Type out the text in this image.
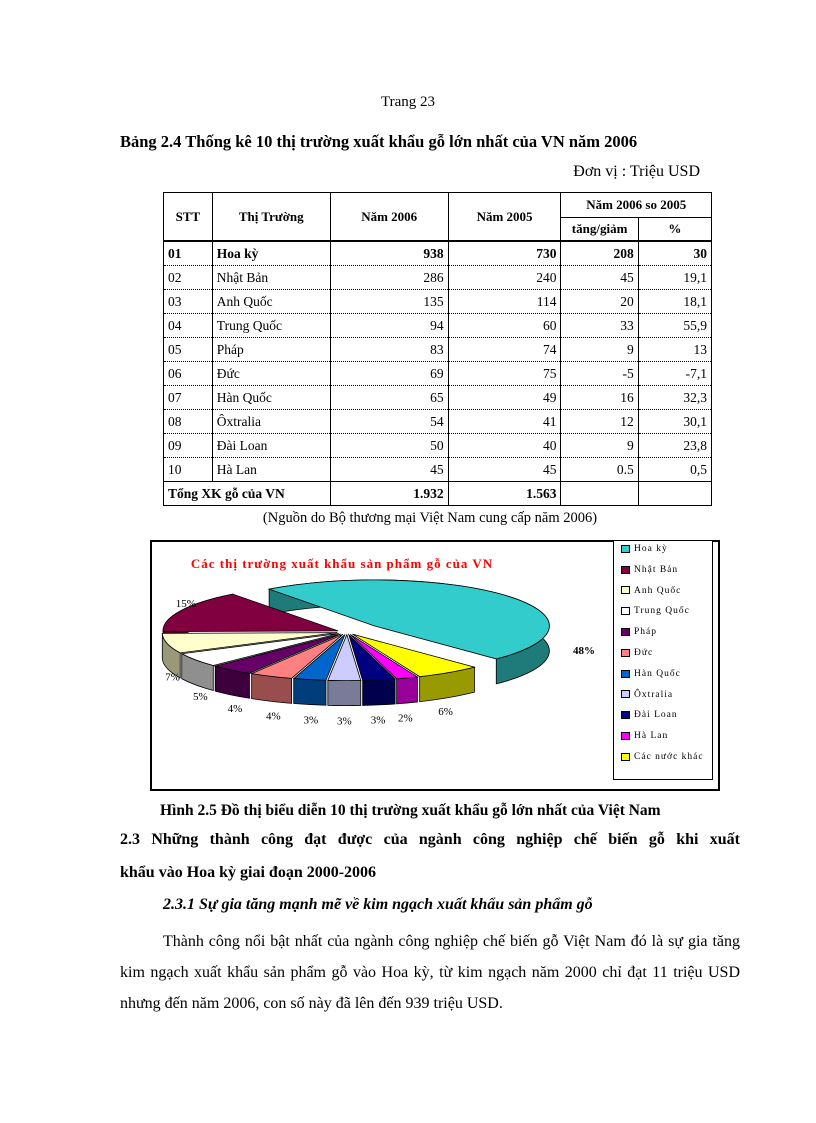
Trang 23
Bảng 2.4 Thống kê 10 thị trường xuất khẩu gỗ lớn nhất của VN năm 2006
Đơn vị : Triệu USD
STT	Thị Trường	Năm 2006	Năm 2005	Năm 2006 so 2005	
				tăng/giảm	%
01	Hoa kỳ	938	730	208	30
02	Nhật Bản	286	240	45	19,1
03	Anh Quốc	135	114	20	18,1
04	Trung Quốc	94	60	33	55,9
05	Pháp	83	74	9	13
06	Đức	69	75	-5	-7,1
07	Hàn Quốc	65	49	16	32,3
08	Ôxtralia	54	41	12	30,1
09	Đài Loan	50	40	9	23,8
10	Hà Lan	45	45	0.5	0,5
Tổng XK gỗ của VN		1.932	1.563		
(Nguồn do Bộ thương mại Việt Nam cung cấp năm 2006)
Các thị trường xuất khẩu sản phẩm gỗ của VN
48%
15%
7%
5%
4%
4% 3% 3% 3% 2%
6%
Hoa kỳ
Nhật Bản
Anh Quốc
Trung Quốc
Pháp
Đức
Hàn Quốc
Ôxtralia
Đài Loan
Hà Lan
Các nước khác
Hình 2.5 Đồ thị biểu diễn 10 thị trường xuất khẩu gỗ lớn nhất của Việt Nam
2.3 Những thành công đạt được của ngành công nghiệp chế biến gỗ khi xuất
khẩu vào Hoa kỳ giai đoạn 2000-2006
2.3.1 Sự gia tăng mạnh mẽ về kim ngạch xuất khẩu sản phẩm gỗ
Thành công nổi bật nhất của ngành công nghiệp chế biến gỗ Việt Nam đó là sự gia tăng kim ngạch xuất khẩu sản phẩm gỗ vào Hoa kỳ, từ kim ngạch năm 2000 chỉ đạt 11 triệu USD nhưng đến năm 2006, con số này đã lên đến 939 triệu USD.
